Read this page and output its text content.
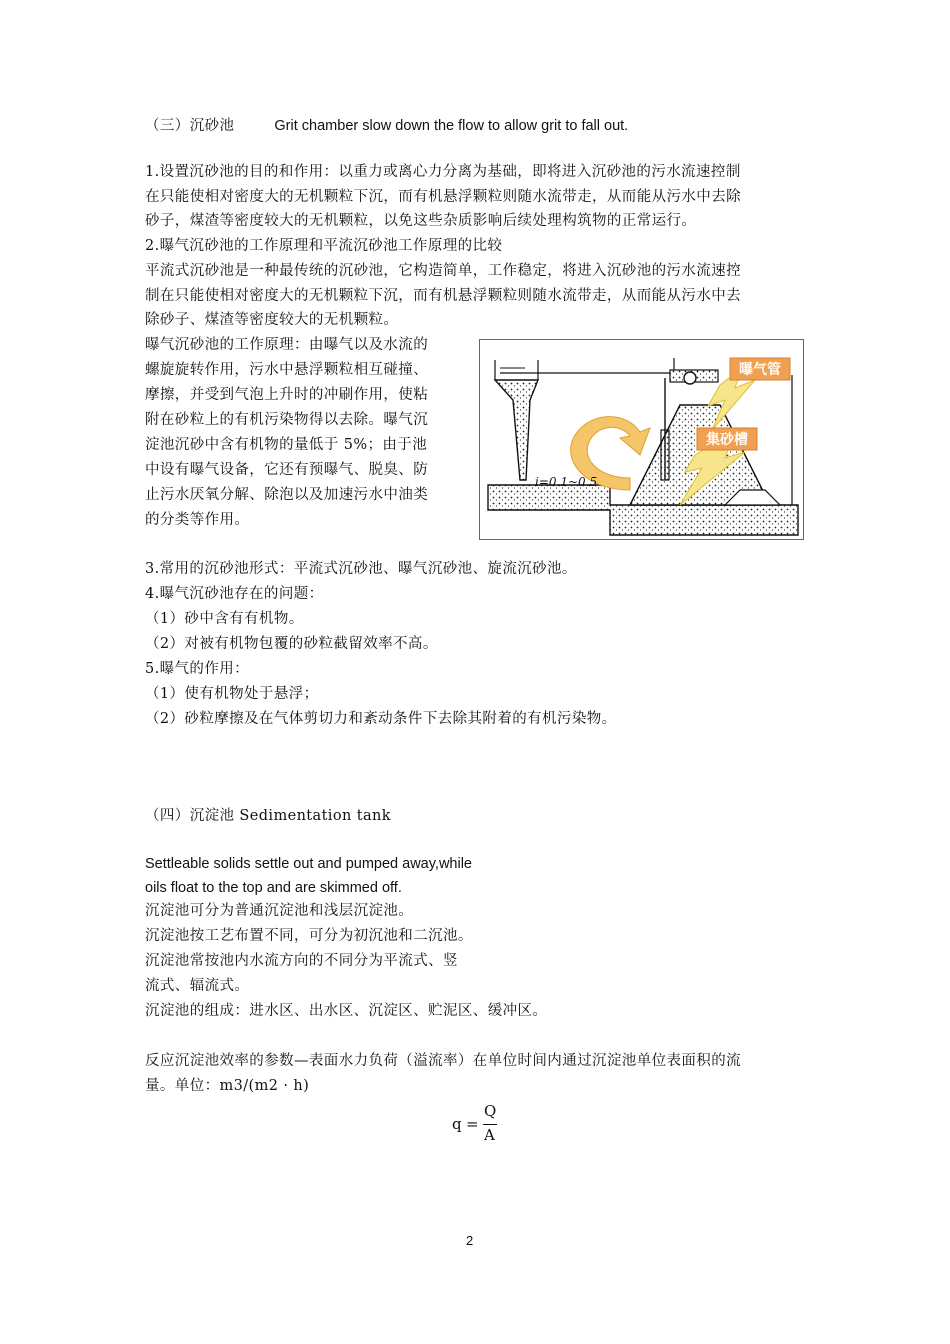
（三）沉砂池	Grit chamber slow down the flow to allow grit to fall out.
1.设置沉砂池的目的和作用：以重力或离心力分离为基础，即将进入沉砂池的污水流速控制
在只能使相对密度大的无机颗粒下沉，而有机悬浮颗粒则随水流带走，从而能从污水中去除
砂子，煤渣等密度较大的无机颗粒，以免这些杂质影响后续处理构筑物的正常运行。
2.曝气沉砂池的工作原理和平流沉砂池工作原理的比较
平流式沉砂池是一种最传统的沉砂池，它构造简单，工作稳定，将进入沉砂池的污水流速控
制在只能使相对密度大的无机颗粒下沉，而有机悬浮颗粒则随水流带走，从而能从污水中去
除砂子、煤渣等密度较大的无机颗粒。
曝气沉砂池的工作原理：由曝气以及水流的
螺旋旋转作用，污水中悬浮颗粒相互碰撞、
摩擦，并受到气泡上升时的冲刷作用，使粘
附在砂粒上的有机污染物得以去除。曝气沉
淀池沉砂中含有机物的量低于 5%；由于池
中设有曝气设备，它还有预曝气、脱臭、防
止污水厌氧分解、除泡以及加速污水中油类
的分类等作用。
曝气管
集砂槽
i=0.1~0.5
3.常用的沉砂池形式：平流式沉砂池、曝气沉砂池、旋流沉砂池。
4.曝气沉砂池存在的问题：
（1）砂中含有有机物。
（2）对被有机物包覆的砂粒截留效率不高。
5.曝气的作用：
（1）使有机物处于悬浮；
（2）砂粒摩擦及在气体剪切力和紊动条件下去除其附着的有机污染物。
（四）沉淀池 Sedimentation tank
Settleable solids settle out and pumped away,while
oils float to the top and are skimmed off.
沉淀池可分为普通沉淀池和浅层沉淀池。
沉淀池按工艺布置不同，可分为初沉池和二沉池。
沉淀池常按池内水流方向的不同分为平流式、竖
流式、辐流式。
沉淀池的组成：进水区、出水区、沉淀区、贮泥区、缓冲区。
反应沉淀池效率的参数—表面水力负荷（溢流率）在单位时间内通过沉淀池单位表面积的流
量。单位：m3/(m2 · h)
q =
Q
A
2
